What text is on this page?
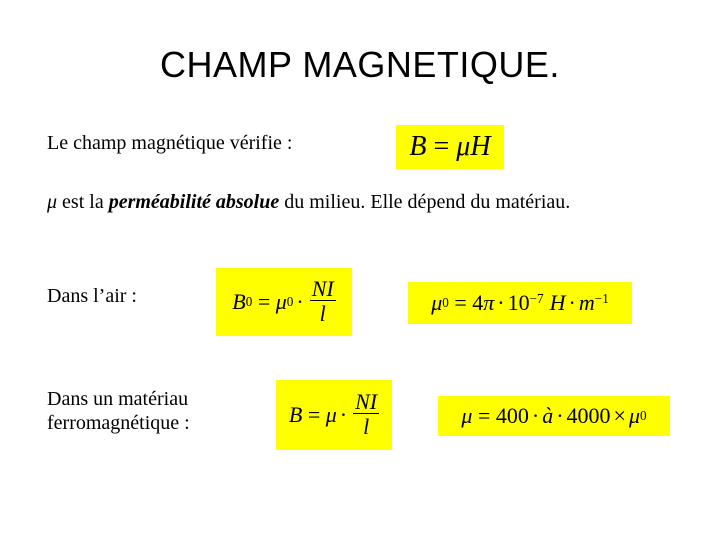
CHAMP MAGNETIQUE.
Le champ magnétique vérifie :	B = μ H
μ est la perméabilité absolue du milieu. Elle dépend du matériau.
Dans l’air :	B 0 = μ $0 \cdot \frac{NI}{l}$	μ 0 = 4 $\pi \cdot 10^{-7}$ $H \cdot m^{-1}$
Dans un matériau
ferromagnétique :	$B = \mu \cdot \frac{NI}{l}$	μ = 400 · à · 4000 × μ 0
